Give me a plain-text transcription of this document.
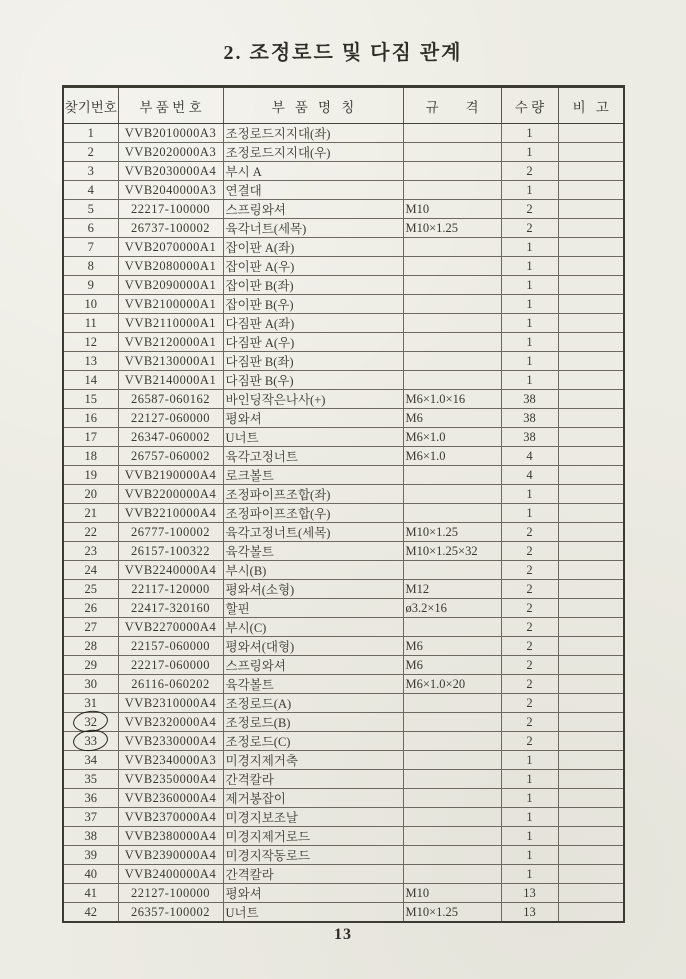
2. 조정로드 및 다짐 관계
찾기번호	부 품 번 호	부   품   명   칭	규        격	수 량	비   고
1	VVB2010000A3	조정로드지지대(좌)		1	
2	VVB2020000A3	조정로드지지대(우)		1	
3	VVB2030000A4	부시 A		2	
4	VVB2040000A3	연결대		1	
5	22217-100000	스프링와셔	M10	2	
6	26737-100002	육각너트(세목)	M10×1.25	2	
7	VVB2070000A1	잡이판 A(좌)		1	
8	VVB2080000A1	잡이판 A(우)		1	
9	VVB2090000A1	잡이판 B(좌)		1	
10	VVB2100000A1	잡이판 B(우)		1	
11	VVB2110000A1	다짐판 A(좌)		1	
12	VVB2120000A1	다짐판 A(우)		1	
13	VVB2130000A1	다짐판 B(좌)		1	
14	VVB2140000A1	다짐판 B(우)		1	
15	26587-060162	바인딩작은나사(+)	M6×1.0×16	38	
16	22127-060000	평와셔	M6	38	
17	26347-060002	U너트	M6×1.0	38	
18	26757-060002	육각고정너트	M6×1.0	4	
19	VVB2190000A4	로크볼트		4	
20	VVB2200000A4	조정파이프조합(좌)		1	
21	VVB2210000A4	조정파이프조합(우)		1	
22	26777-100002	육각고정너트(세목)	M10×1.25	2	
23	26157-100322	육각볼트	M10×1.25×32	2	
24	VVB2240000A4	부시(B)		2	
25	22117-120000	평와셔(소형)	M12	2	
26	22417-320160	할핀	ø3.2×16	2	
27	VVB2270000A4	부시(C)		2	
28	22157-060000	평와셔(대형)	M6	2	
29	22217-060000	스프링와셔	M6	2	
30	26116-060202	육각볼트	M6×1.0×20	2	
31	VVB2310000A4	조정로드(A)		2	
32	VVB2320000A4	조정로드(B)		2	
33	VVB2330000A4	조정로드(C)		2	
34	VVB2340000A3	미경지제거축		1	
35	VVB2350000A4	간격칼라		1	
36	VVB2360000A4	제거봉잡이		1	
37	VVB2370000A4	미경지보조날		1	
38	VVB2380000A4	미경지제거로드		1	
39	VVB2390000A4	미경지작동로드		1	
40	VVB2400000A4	간격칼라		1	
41	22127-100000	평와셔	M10	13	
42	26357-100002	U너트	M10×1.25	13	
13
